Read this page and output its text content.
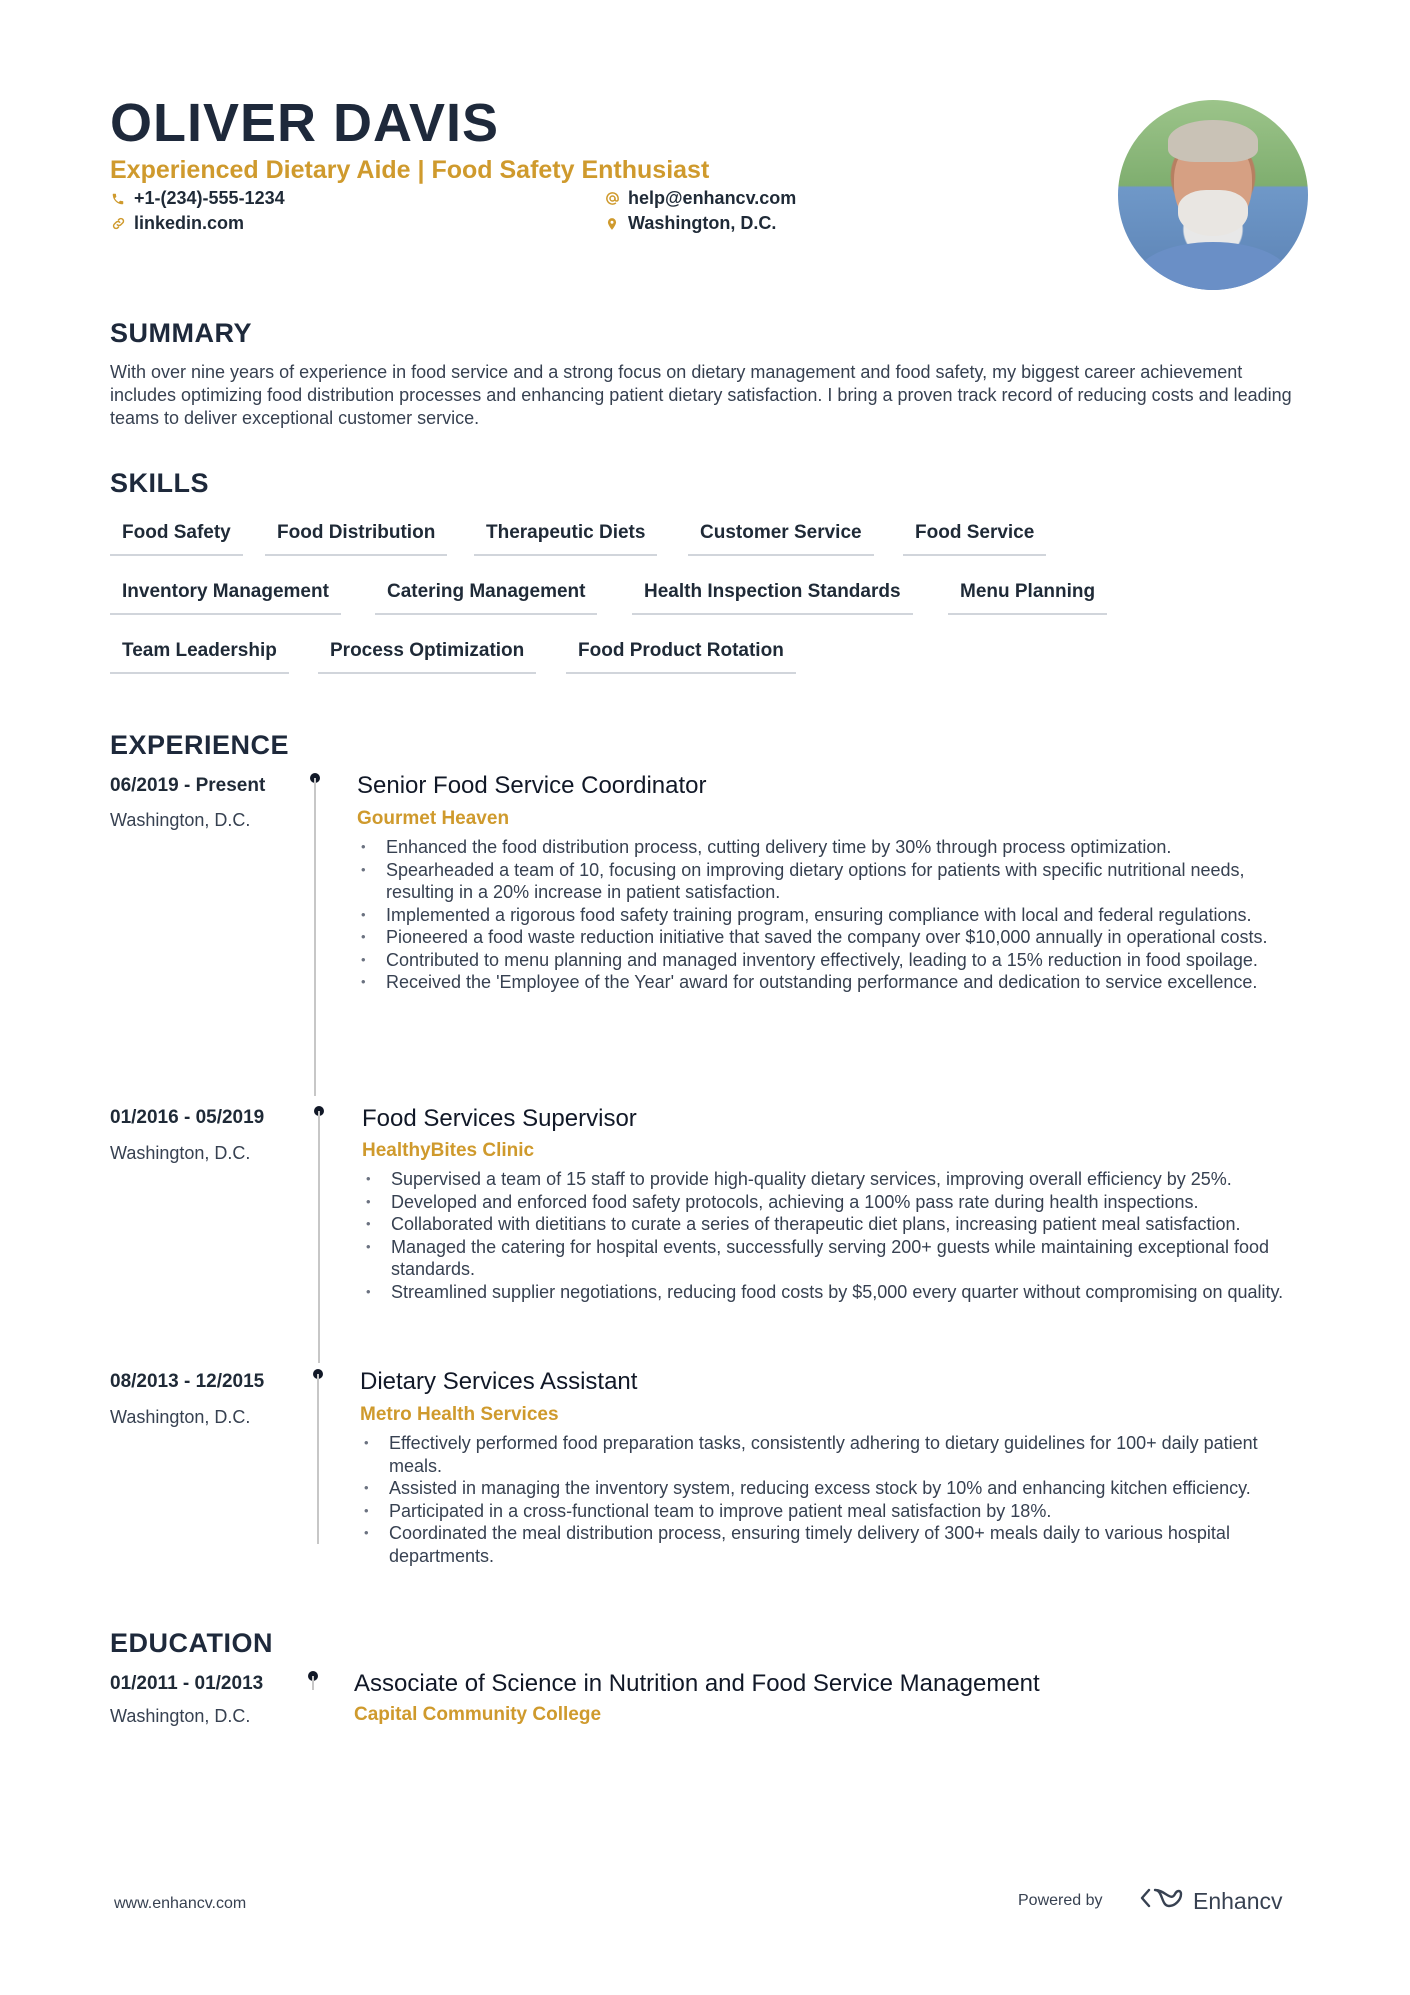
OLIVER DAVIS
Experienced Dietary Aide | Food Safety Enthusiast
+1-(234)-555-1234	help@enhancv.com
linkedin.com	Washington, D.C.
SUMMARY
With over nine years of experience in food service and a strong focus on dietary management and food safety, my biggest career achievement includes optimizing food distribution processes and enhancing patient dietary satisfaction. I bring a proven track record of reducing costs and leading teams to deliver exceptional customer service.
SKILLS
Food Safety	Food Distribution	Therapeutic Diets	Customer Service	Food Service
Inventory Management	Catering Management	Health Inspection Standards	Menu Planning
Team Leadership	Process Optimization	Food Product Rotation
EXPERIENCE
06/2019 - Present
Washington, D.C.
Senior Food Service Coordinator
Gourmet Heaven
• Enhanced the food distribution process, cutting delivery time by 30% through process optimization.
• Spearheaded a team of 10, focusing on improving dietary options for patients with specific nutritional needs, resulting in a 20% increase in patient satisfaction.
• Implemented a rigorous food safety training program, ensuring compliance with local and federal regulations.
• Pioneered a food waste reduction initiative that saved the company over $10,000 annually in operational costs.
• Contributed to menu planning and managed inventory effectively, leading to a 15% reduction in food spoilage.
• Received the 'Employee of the Year' award for outstanding performance and dedication to service excellence.
01/2016 - 05/2019
Washington, D.C.
Food Services Supervisor
HealthyBites Clinic
• Supervised a team of 15 staff to provide high-quality dietary services, improving overall efficiency by 25%.
• Developed and enforced food safety protocols, achieving a 100% pass rate during health inspections.
• Collaborated with dietitians to curate a series of therapeutic diet plans, increasing patient meal satisfaction.
• Managed the catering for hospital events, successfully serving 200+ guests while maintaining exceptional food standards.
• Streamlined supplier negotiations, reducing food costs by $5,000 every quarter without compromising on quality.
08/2013 - 12/2015
Washington, D.C.
Dietary Services Assistant
Metro Health Services
• Effectively performed food preparation tasks, consistently adhering to dietary guidelines for 100+ daily patient meals.
• Assisted in managing the inventory system, reducing excess stock by 10% and enhancing kitchen efficiency.
• Participated in a cross-functional team to improve patient meal satisfaction by 18%.
• Coordinated the meal distribution process, ensuring timely delivery of 300+ meals daily to various hospital departments.
EDUCATION
01/2011 - 01/2013
Washington, D.C.
Associate of Science in Nutrition and Food Service Management
Capital Community College
www.enhancv.com	Powered by	Enhancv
